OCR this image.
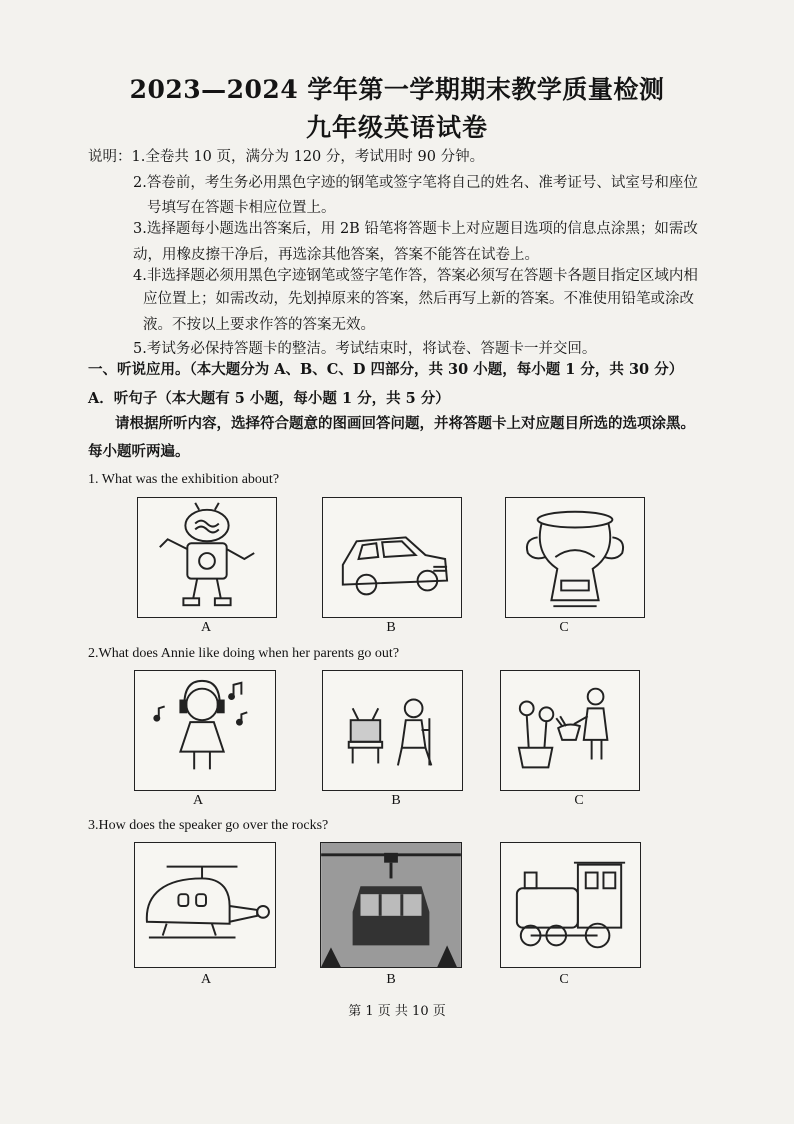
2023—2024 学年第一学期期末教学质量检测
九年级英语试卷
说明：1.全卷共 10 页，满分为 120 分，考试用时 90 分钟。
2.答卷前，考生务必用黑色字迹的钢笔或签字笔将自己的姓名、准考证号、试室号和座位
号填写在答题卡相应位置上。
3.选择题每小题选出答案后，用 2B 铅笔将答题卡上对应题目选项的信息点涂黑；如需改
动，用橡皮擦干净后，再选涂其他答案，答案不能答在试卷上。
4.非选择题必须用黑色字迹钢笔或签字笔作答，答案必须写在答题卡各题目指定区域内相
应位置上；如需改动，先划掉原来的答案，然后再写上新的答案。不准使用铅笔或涂改
液。不按以上要求作答的答案无效。
5.考试务必保持答题卡的整洁。考试结束时，将试卷、答题卡一并交回。
一、听说应用。（本大题分为 A、B、C、D 四部分，共 30 小题，每小题 1 分，共 30 分）
A．听句子（本大题有 5 小题，每小题 1 分，共 5 分）
请根据所听内容，选择符合题意的图画回答问题，并将答题卡上对应题目所选的选项涂黑。
每小题听两遍。
1. What was the exhibition about?
A	B	C
2.What does Annie like doing when her parents go out?
A	B	C
3.How does the speaker go over the rocks?
A	B	C
第 1 页 共 10 页
